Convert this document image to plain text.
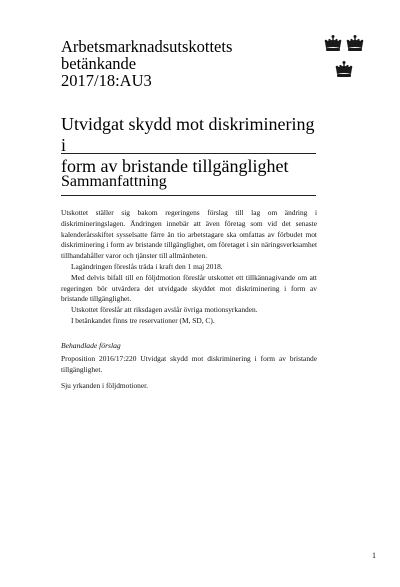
Arbetsmarknadsutskottets betänkande
2017/18:AU3
Utvidgat skydd mot diskriminering i
form av bristande tillgänglighet
Sammanfattning

Utskottet ställer sig bakom regeringens förslag till lag om ändring i diskrimineringslagen. Ändringen innebär att även företag som vid det senaste kalenderårsskiftet sysselsatte färre än tio arbetstagare ska omfattas av förbudet mot diskriminering i form av bristande tillgänglighet, om företaget i sin näringsverksamhet tillhandahåller varor och tjänster till allmänheten.

Lagändringen föreslås träda i kraft den 1 maj 2018.

Med delvis bifall till en följdmotion föreslår utskottet ett tillkännagivande om att regeringen bör utvärdera det utvidgade skyddet mot diskriminering i form av bristande tillgänglighet.

Utskottet föreslår att riksdagen avslår övriga motionsyrkanden.

I betänkandet finns tre reservationer (M, SD, C).

Behandlade förslag

Proposition 2016/17:220 Utvidgat skydd mot diskriminering i form av bristande tillgänglighet.

Sju yrkanden i följdmotioner.

1
